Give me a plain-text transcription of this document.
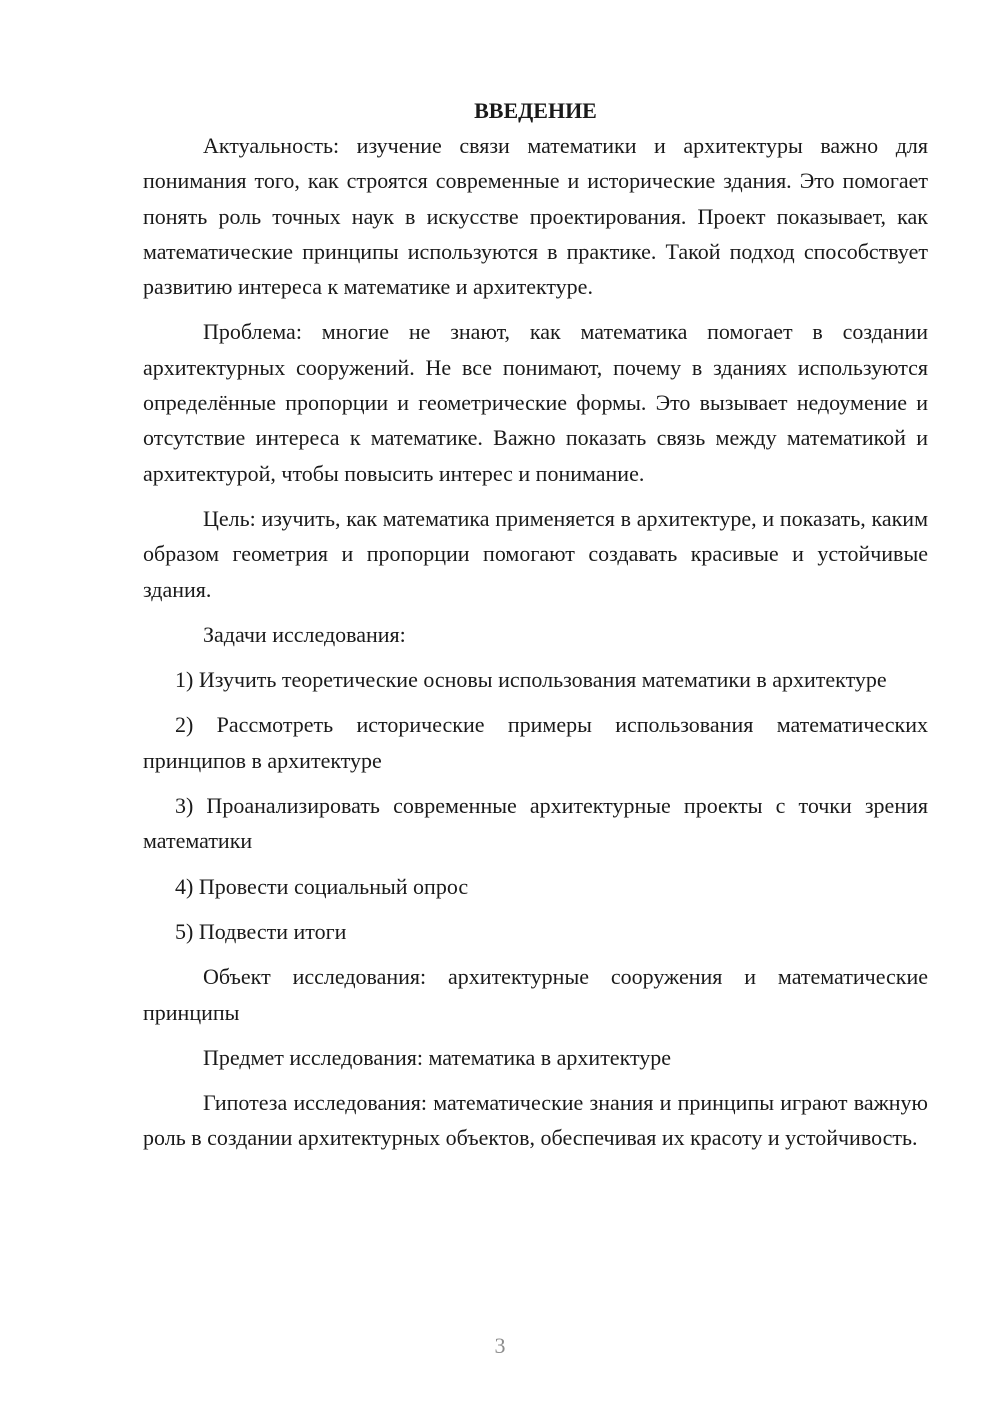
ВВЕДЕНИЕ

Актуальность: изучение связи математики и архитектуры важно для понимания того, как строятся современные и исторические здания. Это помогает понять роль точных наук в искусстве проектирования. Проект показывает, как математические принципы используются в практике. Такой подход способствует развитию интереса к математике и архитектуре.

Проблема: многие не знают, как математика помогает в создании архитектурных сооружений. Не все понимают, почему в зданиях используются определённые пропорции и геометрические формы. Это вызывает недоумение и отсутствие интереса к математике. Важно показать связь между математикой и архитектурой, чтобы повысить интерес и понимание.

Цель: изучить, как математика применяется в архитектуре, и показать, каким образом геометрия и пропорции помогают создавать красивые и устойчивые здания.

Задачи исследования:

1) Изучить теоретические основы использования математики в архитектуре

2) Рассмотреть исторические примеры использования математических принципов в архитектуре

3) Проанализировать современные архитектурные проекты с точки зрения математики

4) Провести социальный опрос

5) Подвести итоги

Объект исследования: архитектурные сооружения и математические принципы

Предмет исследования: математика в архитектуре

Гипотеза исследования: математические знания и принципы играют важную роль в создании архитектурных объектов, обеспечивая их красоту и устойчивость.

3
